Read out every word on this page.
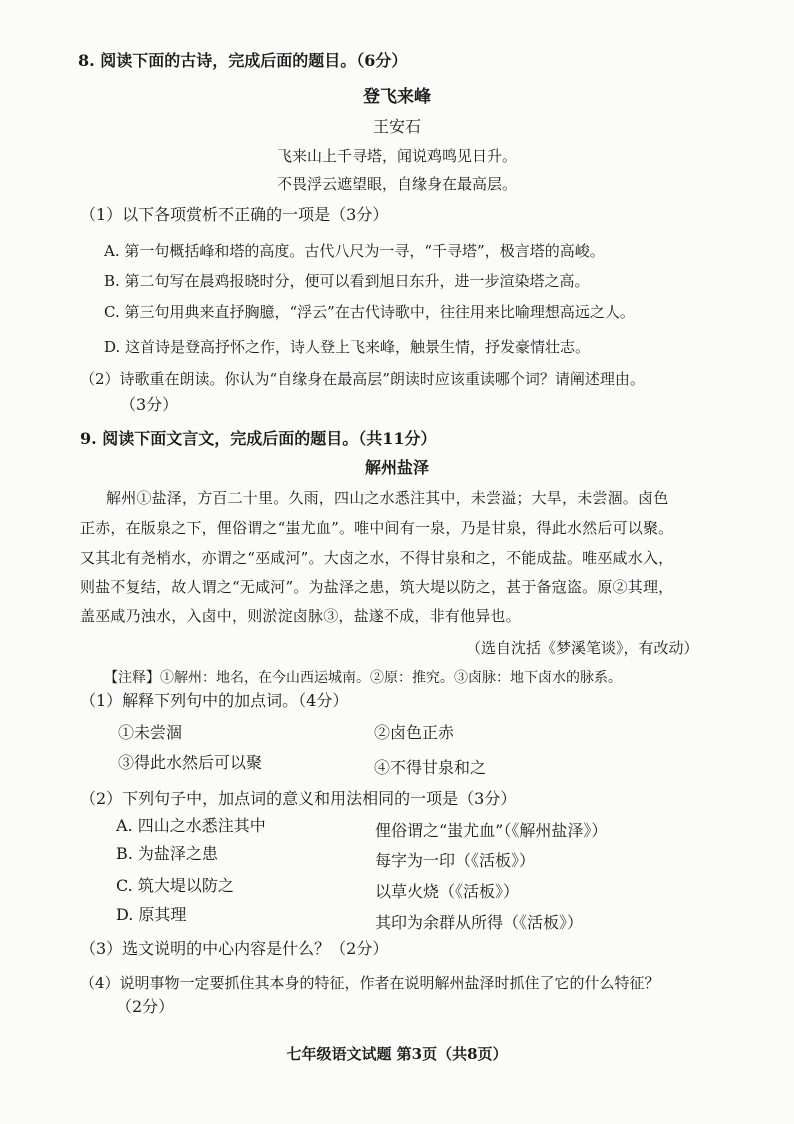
8. 阅读下面的古诗，完成后面的题目。（6分）
登飞来峰
王安石
飞来山上千寻塔，闻说鸡鸣见日升。
不畏浮云遮望眼，自缘身在最高层。
（1）以下各项赏析不正确的一项是（3分）
A. 第一句概括峰和塔的高度。古代八尺为一寻，“千寻塔”，极言塔的高峻。
B. 第二句写在晨鸡报晓时分，便可以看到旭日东升，进一步渲染塔之高。
C. 第三句用典来直抒胸臆，“浮云”在古代诗歌中，往往用来比喻理想高远之人。
D. 这首诗是登高抒怀之作，诗人登上飞来峰，触景生情，抒发豪情壮志。
（2）诗歌重在朗读。你认为“自缘身在最高层”朗读时应该重读哪个词？请阐述理由。
（3分）
9. 阅读下面文言文，完成后面的题目。（共11分）
解州盐泽
解州①盐泽，方百二十里。久雨，四山之水悉注其中，未尝溢；大旱，未尝涸。卤色
正赤，在版泉之下，俚俗谓之“蚩尤血”。唯中间有一泉，乃是甘泉，得此水然后可以聚。
又其北有尧梢水，亦谓之“巫咸河”。大卤之水，不得甘泉和之，不能成盐。唯巫咸水入，
则盐不复结，故人谓之“无咸河”。为盐泽之患，筑大堤以防之，甚于备寇盗。原②其理，
盖巫咸乃浊水，入卤中，则淤淀卤脉③，盐遂不成，非有他异也。
（选自沈括《梦溪笔谈》，有改动）
【注释】①解州：地名，在今山西运城南。②原：推究。③卤脉：地下卤水的脉系。
（1）解释下列句中的加点词。（4分）
①未尝涸	②卤色正赤
③得此水然后可以聚	④不得甘泉和之
（2）下列句子中，加点词的意义和用法相同的一项是（3分）
A. 四山之水悉注其中	俚俗谓之“蚩尤血”（《解州盐泽》）
B. 为盐泽之患	每字为一印（《活板》）
C. 筑大堤以防之	以草火烧（《活板》）
D. 原其理	其印为余群从所得（《活板》）
（3）选文说明的中心内容是什么？（2分）
（4）说明事物一定要抓住其本身的特征，作者在说明解州盐泽时抓住了它的什么特征？
（2分）
七年级语文试题 第3页（共8页）
